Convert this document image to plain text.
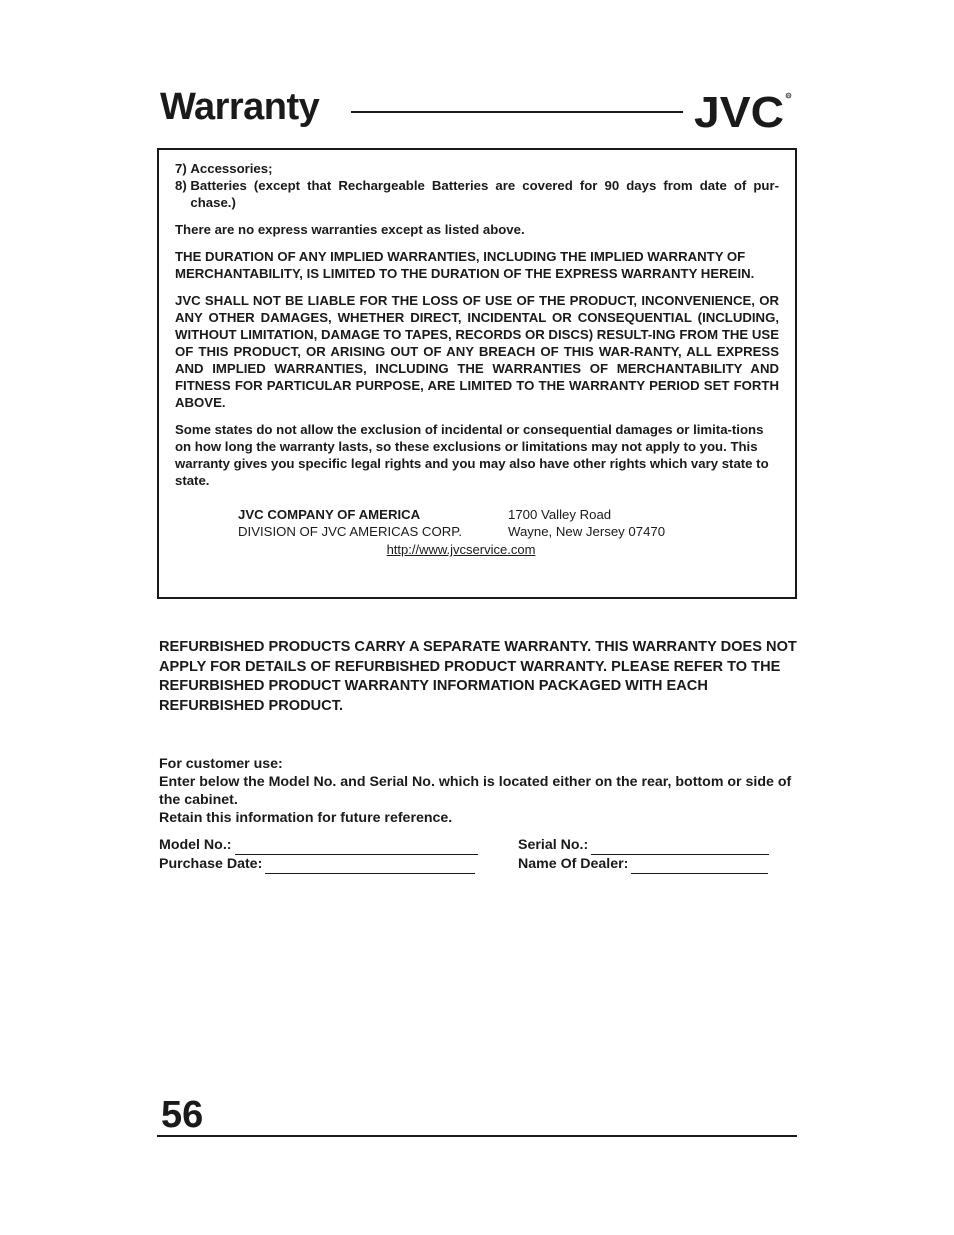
Warranty	JVC R
7) Accessories;
8) Batteries (except that Rechargeable Batteries are covered for 90 days from date of pur-chase.)

There are no express warranties except as listed above.

THE DURATION OF ANY IMPLIED WARRANTIES, INCLUDING THE IMPLIED WARRANTY OF MERCHANTABILITY, IS LIMITED TO THE DURATION OF THE EXPRESS WARRANTY HEREIN.

JVC SHALL NOT BE LIABLE FOR THE LOSS OF USE OF THE PRODUCT, INCONVENIENCE, OR ANY OTHER DAMAGES, WHETHER DIRECT, INCIDENTAL OR CONSEQUENTIAL (INCLUDING, WITHOUT LIMITATION, DAMAGE TO TAPES, RECORDS OR DISCS) RESULT-ING FROM THE USE OF THIS PRODUCT, OR ARISING OUT OF ANY BREACH OF THIS WAR-RANTY, ALL EXPRESS AND IMPLIED WARRANTIES, INCLUDING THE WARRANTIES OF MERCHANTABILITY AND FITNESS FOR PARTICULAR PURPOSE, ARE LIMITED TO THE WARRANTY PERIOD SET FORTH ABOVE.

Some states do not allow the exclusion of incidental or consequential damages or limita-tions on how long the warranty lasts, so these exclusions or limitations may not apply to you. This warranty gives you specific legal rights and you may also have other rights which vary state to state.

JVC COMPANY OF AMERICA	1700 Valley Road
DIVISION OF JVC AMERICAS CORP.	Wayne, New Jersey 07470
http://www.jvcservice.com
REFURBISHED PRODUCTS CARRY A SEPARATE WARRANTY. THIS WARRANTY DOES NOT APPLY FOR DETAILS OF REFURBISHED PRODUCT WARRANTY. PLEASE REFER TO THE REFURBISHED PRODUCT WARRANTY INFORMATION PACKAGED WITH EACH REFURBISHED PRODUCT.
For customer use:
Enter below the Model No. and Serial No. which is located either on the rear, bottom or side of the cabinet.
Retain this information for future reference.
Model No.:	Serial No.:
Purchase Date:	Name Of Dealer:
56
